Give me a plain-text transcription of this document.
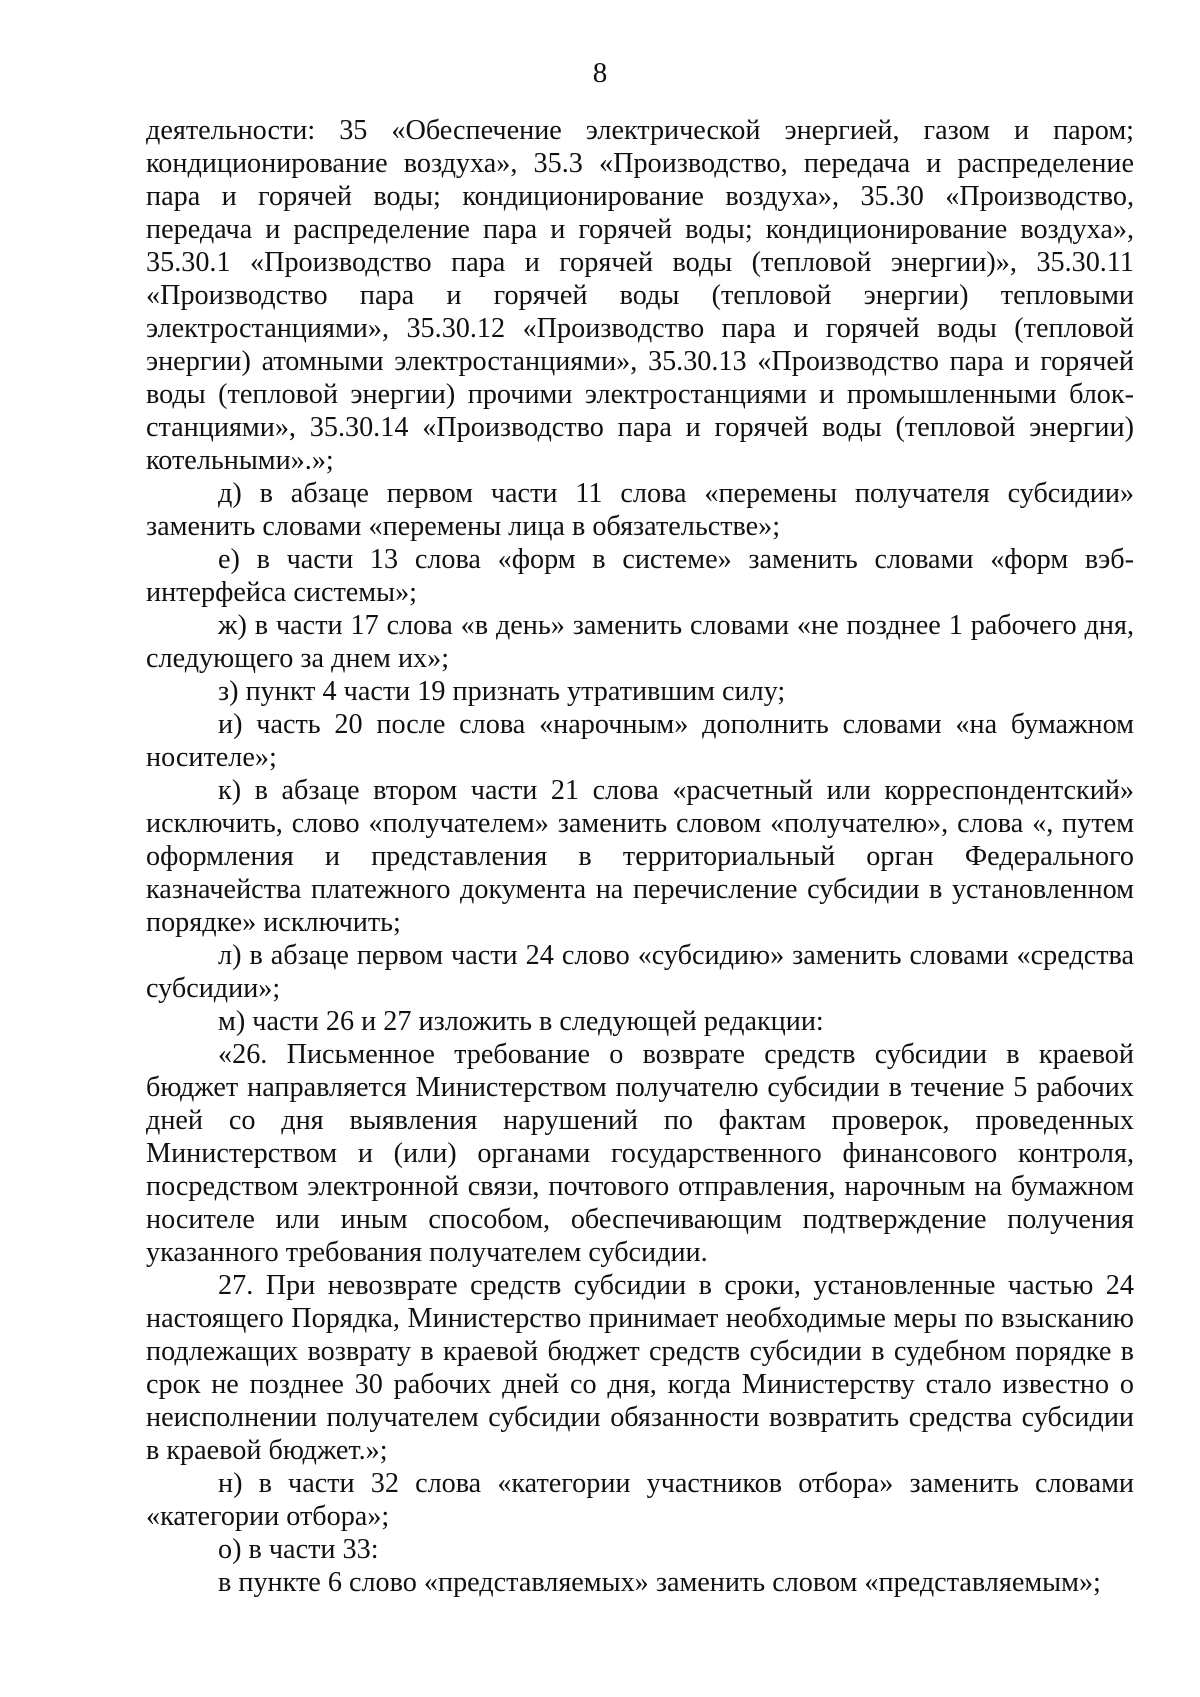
8

деятельности: 35 «Обеспечение электрической энергией, газом и паром; кондиционирование воздуха», 35.3 «Производство, передача и распределение пара и горячей воды; кондиционирование воздуха», 35.30 «Производство, передача и распределение пара и горячей воды; кондиционирование воздуха», 35.30.1 «Производство пара и горячей воды (тепловой энергии)», 35.30.11 «Производство пара и горячей воды (тепловой энергии) тепловыми электростанциями», 35.30.12 «Производство пара и горячей воды (тепловой энергии) атомными электростанциями», 35.30.13 «Производство пара и горячей воды (тепловой энергии) прочими электростанциями и промышленными блок-станциями», 35.30.14 «Производство пара и горячей воды (тепловой энергии) котельными».»;

д) в абзаце первом части 11 слова «перемены получателя субсидии» заменить словами «перемены лица в обязательстве»;

е) в части 13 слова «форм в системе» заменить словами «форм вэб-интерфейса системы»;

ж) в части 17 слова «в день» заменить словами «не позднее 1 рабочего дня, следующего за днем их»;

з) пункт 4 части 19 признать утратившим силу;

и) часть 20 после слова «нарочным» дополнить словами «на бумажном носителе»;

к) в абзаце втором части 21 слова «расчетный или корреспондентский» исключить, слово «получателем» заменить словом «получателю», слова «, путем оформления и представления в территориальный орган Федерального казначейства платежного документа на перечисление субсидии в установленном порядке» исключить;

л) в абзаце первом части 24 слово «субсидию» заменить словами «средства субсидии»;

м) части 26 и 27 изложить в следующей редакции:

«26. Письменное требование о возврате средств субсидии в краевой бюджет направляется Министерством получателю субсидии в течение 5 рабочих дней со дня выявления нарушений по фактам проверок, проведенных Министерством и (или) органами государственного финансового контроля, посредством электронной связи, почтового отправления, нарочным на бумажном носителе или иным способом, обеспечивающим подтверждение получения указанного требования получателем субсидии.

27. При невозврате средств субсидии в сроки, установленные частью 24 настоящего Порядка, Министерство принимает необходимые меры по взысканию подлежащих возврату в краевой бюджет средств субсидии в судебном порядке в срок не позднее 30 рабочих дней со дня, когда Министерству стало известно о неисполнении получателем субсидии обязанности возвратить средства субсидии в краевой бюджет.»;

н) в части 32 слова «категории участников отбора» заменить словами «категории отбора»;

о) в части 33:

в пункте 6 слово «представляемых» заменить словом «представляемым»;
